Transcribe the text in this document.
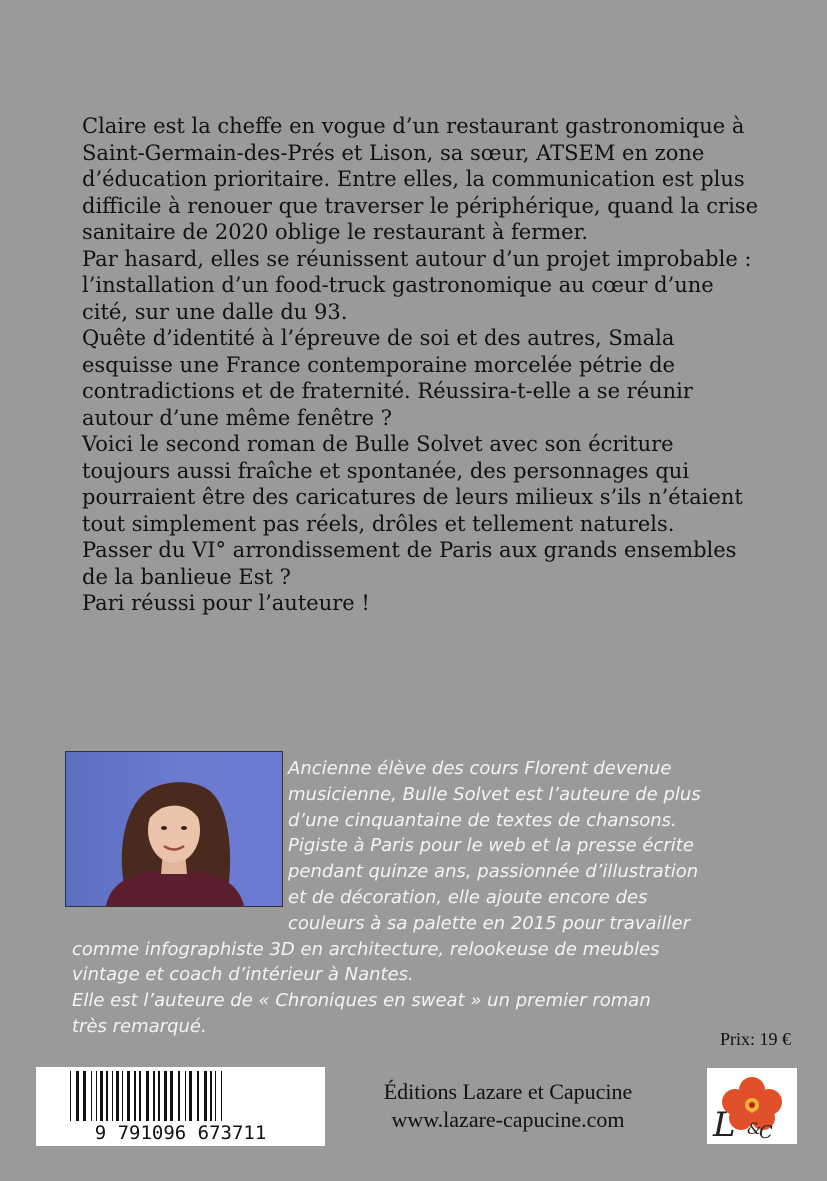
Claire est la cheffe en vogue d’un restaurant gastronomique à

Saint-Germain-des-Prés et Lison, sa sœur, ATSEM en zone

d’éducation prioritaire. Entre elles, la communication est plus

difficile à renouer que traverser le périphérique, quand la crise

sanitaire de 2020 oblige le restaurant à fermer.

Par hasard, elles se réunissent autour d’un projet improbable :

l’installation d’un food-truck gastronomique au cœur d’une

cité, sur une dalle du 93.

Quête d’identité à l’épreuve de soi et des autres, Smala

esquisse une France contemporaine morcelée pétrie de

contradictions et de fraternité. Réussira-t-elle a se réunir

autour d’une même fenêtre ?

Voici le second roman de Bulle Solvet avec son écriture

toujours aussi fraîche et spontanée, des personnages qui

pourraient être des caricatures de leurs milieux s’ils n’étaient

tout simplement pas réels, drôles et tellement naturels.

Passer du VI° arrondissement de Paris aux grands ensembles

de la banlieue Est ?

Pari réussi pour l’auteure !

Ancienne élève des cours Florent devenue
musicienne, Bulle Solvet est l’auteure de plus
d’une cinquantaine de textes de chansons.
Pigiste à Paris pour le web et la presse écrite
pendant quinze ans, passionnée d’illustration
et de décoration, elle ajoute encore des
couleurs à sa palette en 2015 pour travailler
comme infographiste 3D en architecture, relookeuse de meubles
vintage et coach d’intérieur à Nantes.
Elle est l’auteure de « Chroniques en sweat » un premier roman
très remarqué.
Prix: 19 €
9 791096 673711
Éditions Lazare et Capucine
www.lazare-capucine.com	L &
C
